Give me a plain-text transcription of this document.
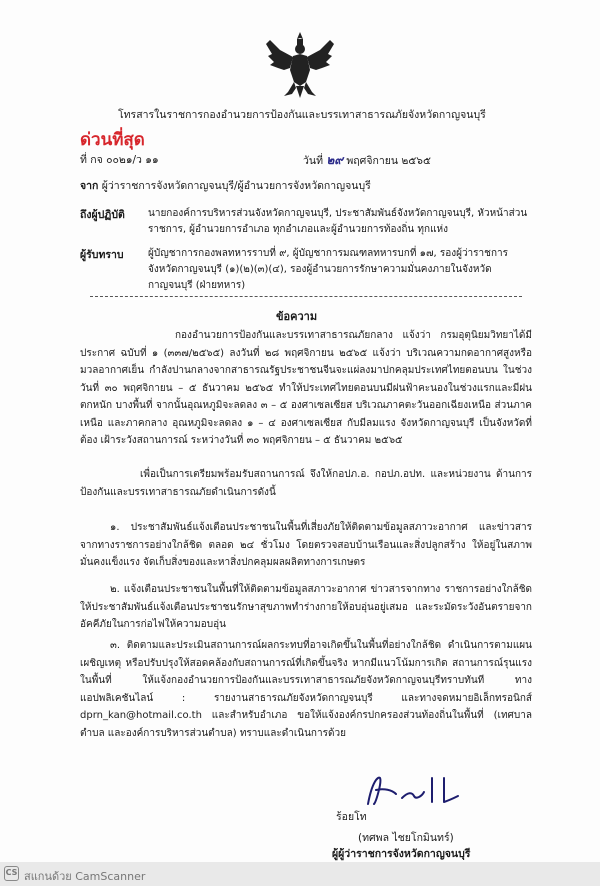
โทรสารในราชการกองอำนวยการป้องกันและบรรเทาสาธารณภัยจังหวัดกาญจนบุรี
ด่วนที่สุด
ที่ กจ ๐๐๒๑/ว ๑๑	วันที่ ๒๙ พฤศจิกายน ๒๕๖๕
จาก ผู้ว่าราชการจังหวัดกาญจนบุรี/ผู้อำนวยการจังหวัดกาญจนบุรี
ถึงผู้ปฏิบัติ นายกองค์การบริหารส่วนจังหวัดกาญจนบุรี, ประชาสัมพันธ์จังหวัดกาญจนบุรี, หัวหน้าส่วนราชการ, ผู้อำนวยการอำเภอ ทุกอำเภอและผู้อำนวยการท้องถิ่น ทุกแห่ง
ผู้รับทราบ ผู้บัญชาการกองพลทหารราบที่ ๙, ผู้บัญชาการมณฑลทหารบกที่ ๑๗, รองผู้ว่าราชการจังหวัดกาญจนบุรี (๑)(๒)(๓)(๔), รองผู้อำนวยการรักษาความมั่นคงภายในจังหวัดกาญจนบุรี (ฝ่ายทหาร)
ข้อความ
กองอำนวยการป้องกันและบรรเทาสาธารณภัยกลาง แจ้งว่า กรมอุตุนิยมวิทยาได้มีประกาศ ฉบับที่ ๑ (๓๓๗/๒๕๖๕) ลงวันที่ ๒๘ พฤศจิกายน ๒๕๖๕ แจ้งว่า บริเวณความกดอากาศสูงหรือมวลอากาศเย็น กำลังปานกลางจากสาธารณรัฐประชาชนจีนจะแผ่ลงมาปกคลุมประเทศไทยตอนบน ในช่วงวันที่ ๓๐ พฤศจิกายน – ๕ ธันวาคม ๒๕๖๕ ทำให้ประเทศไทยตอนบนมีฝนฟ้าคะนองในช่วงแรกและมีฝนตกหนัก บางพื้นที่ จากนั้นอุณหภูมิจะลดลง ๓ – ๕ องศาเซลเซียส บริเวณภาคตะวันออกเฉียงเหนือ ส่วนภาคเหนือ และภาคกลาง อุณหภูมิจะลดลง ๑ – ๔ องศาเซลเซียส กับมีลมแรง จังหวัดกาญจนบุรี เป็นจังหวัดที่ต้อง เฝ้าระวังสถานการณ์ ระหว่างวันที่ ๓๐ พฤศจิกายน – ๕ ธันวาคม ๒๕๖๕
เพื่อเป็นการเตรียมพร้อมรับสถานการณ์ จึงให้กอปภ.อ. กอปภ.อปท. และหน่วยงาน ด้านการป้องกันและบรรเทาสาธารณภัยดำเนินการดังนี้
๑. ประชาสัมพันธ์แจ้งเตือนประชาชนในพื้นที่เสี่ยงภัยให้ติดตามข้อมูลสภาวะอากาศ และข่าวสารจากทางราชการอย่างใกล้ชิด ตลอด ๒๔ ชั่วโมง โดยตรวจสอบบ้านเรือนและสิ่งปลูกสร้าง ให้อยู่ในสภาพมั่นคงแข็งแรง จัดเก็บสิ่งของและหาสิ่งปกคลุมผลผลิตทางการเกษตร
๒. แจ้งเตือนประชาชนในพื้นที่ให้ติดตามข้อมูลสภาวะอากาศ ข่าวสารจากทาง ราชการอย่างใกล้ชิด ให้ประชาสัมพันธ์แจ้งเตือนประชาชนรักษาสุขภาพทำร่างกายให้อบอุ่นอยู่เสมอ และระมัดระวังอันตรายจากอัคคีภัยในการก่อไฟให้ความอบอุ่น
๓. ติดตามและประเมินสถานการณ์ผลกระทบที่อาจเกิดขึ้นในพื้นที่อย่างใกล้ชิด ดำเนินการตามแผนเผชิญเหตุ หรือปรับปรุงให้สอดคล้องกับสถานการณ์ที่เกิดขึ้นจริง หากมีแนวโน้มการเกิด สถานการณ์รุนแรงในพื้นที่ ให้แจ้งกองอำนวยการป้องกันและบรรเทาสาธารณภัยจังหวัดกาญจนบุรีทราบทันที ทางแอปพลิเคชันไลน์ : รายงานสาธารณภัยจังหวัดกาญจนบุรี และทางจดหมายอิเล็กทรอนิกส์ dprn_kan@hotmail.co.th และสำหรับอำเภอ ขอให้แจ้งองค์กรปกครองส่วนท้องถิ่นในพื้นที่ (เทศบาลตำบล และองค์การบริหารส่วนตำบล) ทราบและดำเนินการด้วย
ร้อยโท
(ทศพล ไชยโกมินทร์)
ผู้ผู้ว่าราชการจังหวัดกาญจนบุรี
CS สแกนด้วย CamScanner
